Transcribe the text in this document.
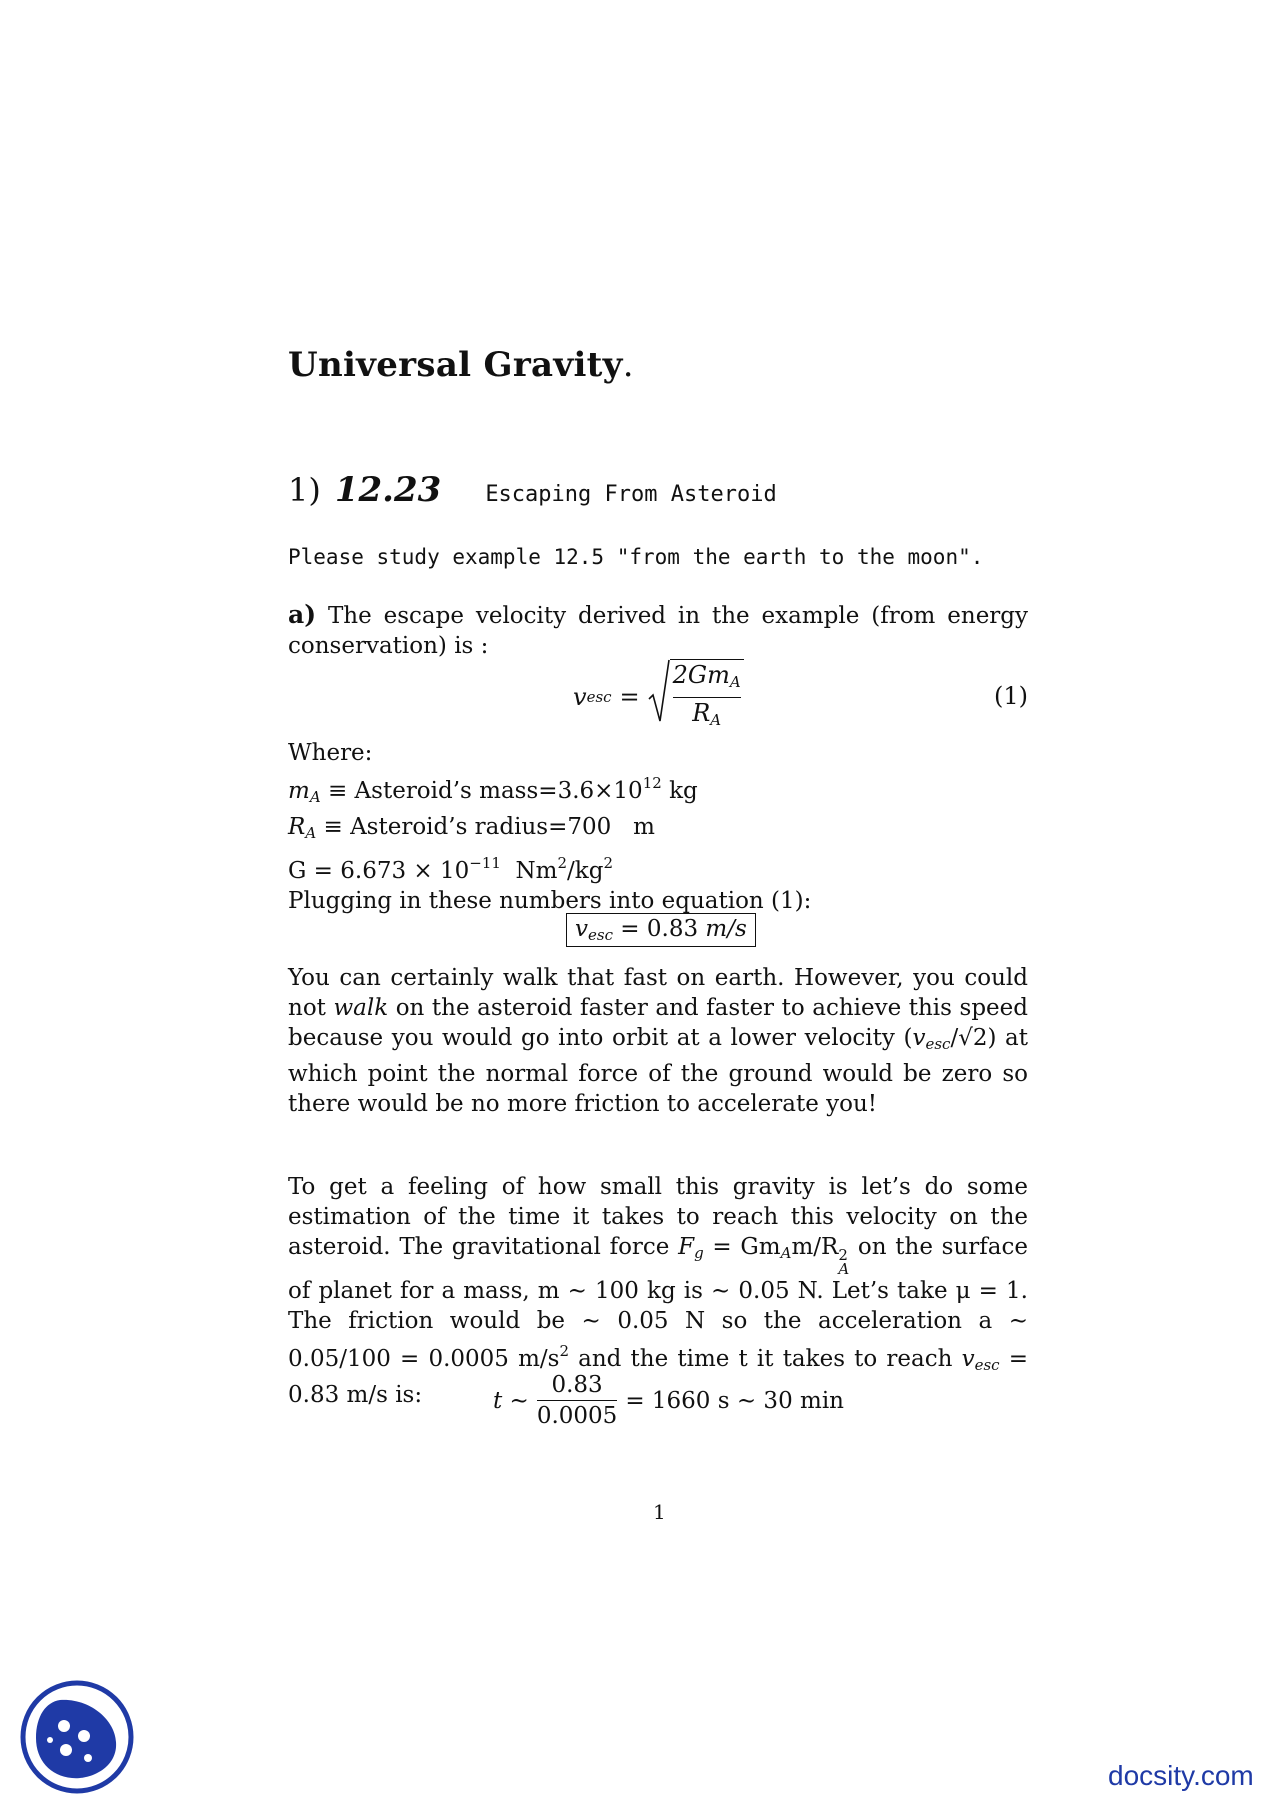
Universal Gravity.
1) 12.23 Escaping From Asteroid
Please study example 12.5 "from the earth to the moon".
a) The escape velocity derived in the example (from energy conservation) is :
v esc = $\frac{2Gm_A}{R_A}$	(1)
Where:
$m_A$ ≡ Asteroid’s $mass=3.6\times 10^{12}$ kg
$R_A$ ≡ Asteroid’s radius=700   m
$G = 6.673 \times 10^{-11}$  $Nm^2/kg^2$
Plugging in these numbers into equation (1):
$v_{esc} = 0.83$ m/s
You can certainly walk that fast on earth. However, you could not walk on the asteroid faster and faster to achieve this speed because you would go into orbit at a lower velocity $(v_{esc}/√2)$ at which point the normal force of the ground would be zero so there would be no more friction to accelerate you!
To get a feeling of how small this gravity is let’s do some estimation of the time it takes to reach this velocity on the asteroid. The gravitational force $F_g = Gm_Am/R$ 2
A
on the surface of planet for a mass, m ∼ 100 kg is ∼ 0.05 N. Let’s take μ = 1. The friction would be ∼ 0.05 N so the acceleration a ∼ 0.05/100 = 0.0005 $m/s^2$ and the time t it takes to reach $v_{esc} = 0.83$ m/s is:	t ∼ $\frac{0.83}{0.0005} = 1660$ s ∼ 30 min
1
docsity.com
